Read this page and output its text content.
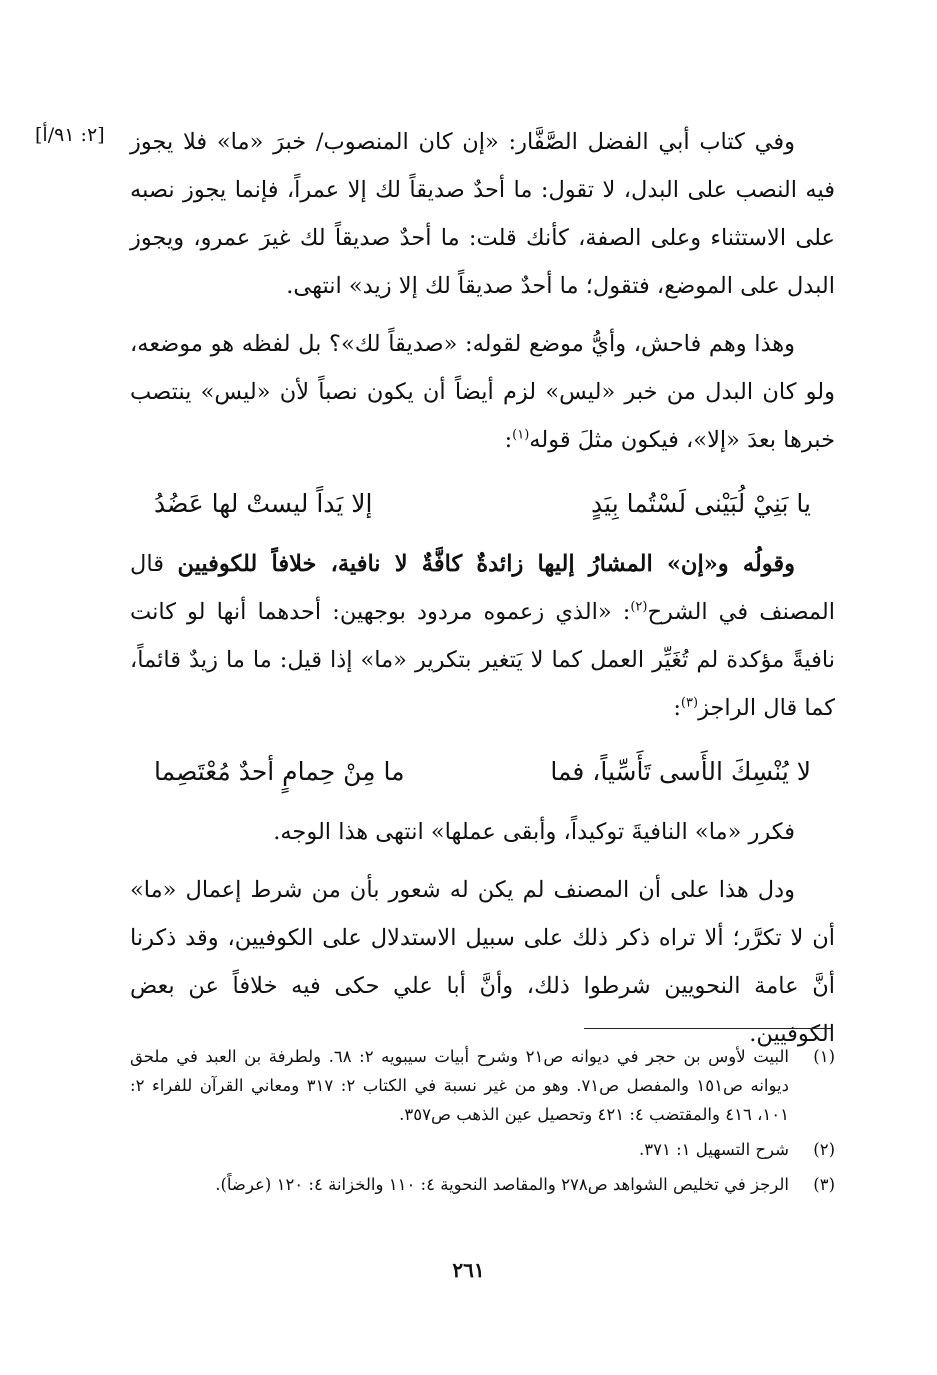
[٢: ٩١/أ] وفي كتاب أبي الفضل الصَّفَّار: «إن كان المنصوب/ خبرَ «ما» فلا يجوز فيه النصب على البدل، لا تقول: ما أحدٌ صديقاً لك إلا عمراً، فإنما يجوز نصبه على الاستثناء وعلى الصفة، كأنك قلت: ما أحدٌ صديقاً لك غيرَ عمرو، ويجوز البدل على الموضع، فتقول؛ ما أحدٌ صديقاً لك إلا زيد» انتهى.

وهذا وهم فاحش، وأيُّ موضع لقوله: «صديقاً لك»؟ بل لفظه هو موضعه، ولو كان البدل من خبر «ليس» لزم أيضاً أن يكون نصباً لأن «ليس» ينتصب خبرها بعدَ «إلا»، فيكون مثلَ قوله$^{(١)}$:

يا بَنِيْ لُبَيْنى لَسْتُما بِيَدٍ
إلا يَداً ليستْ لها عَضُدُ

وقولُه و«إن» المشارُ إليها زائدةٌ كافَّةٌ لا نافية، خلافاً للكوفيين قال المصنف في الشرح$^{(٢)}$: «الذي زعموه مردود بوجهين: أحدهما أنها لو كانت نافيةً مؤكدة لم تُغَيِّر العمل كما لا يَتغير بتكرير «ما» إذا قيل: ما ما زيدٌ قائماً، كما قال الراجز$^{(٣)}$:

لا يُنْسِكَ الأَسى تَأَسِّياً، فما
ما مِنْ حِمامٍ أحدٌ مُعْتَصِما

فكرر «ما» النافيةَ توكيداً، وأبقى عملها» انتهى هذا الوجه.

ودل هذا على أن المصنف لم يكن له شعور بأن من شرط إعمال «ما» أن لا تكرَّر؛ ألا تراه ذكر ذلك على سبيل الاستدلال على الكوفيين، وقد ذكرنا أنَّ عامة النحويين شرطوا ذلك، وأنَّ أبا علي حكى فيه خلافاً عن بعض الكوفيين.

(١)
البيت لأوس بن حجر في ديوانه ص٢١ وشرح أبيات سيبويه ٢: ٦٨. ولطرفة بن العبد في ملحق ديوانه ص١٥١ والمفصل ص٧١. وهو من غير نسبة في الكتاب ٢: ٣١٧ ومعاني القرآن للفراء ٢: ١٠١، ٤١٦ والمقتضب ٤: ٤٢١ وتحصيل عين الذهب ص٣٥٧.
(٢)
شرح التسهيل ١: ٣٧١.
(٣)
الرجز في تخليص الشواهد ص٢٧٨ والمقاصد النحوية ٤: ١١٠ والخزانة ٤: ١٢٠ (عرضاً).
٢٦١
